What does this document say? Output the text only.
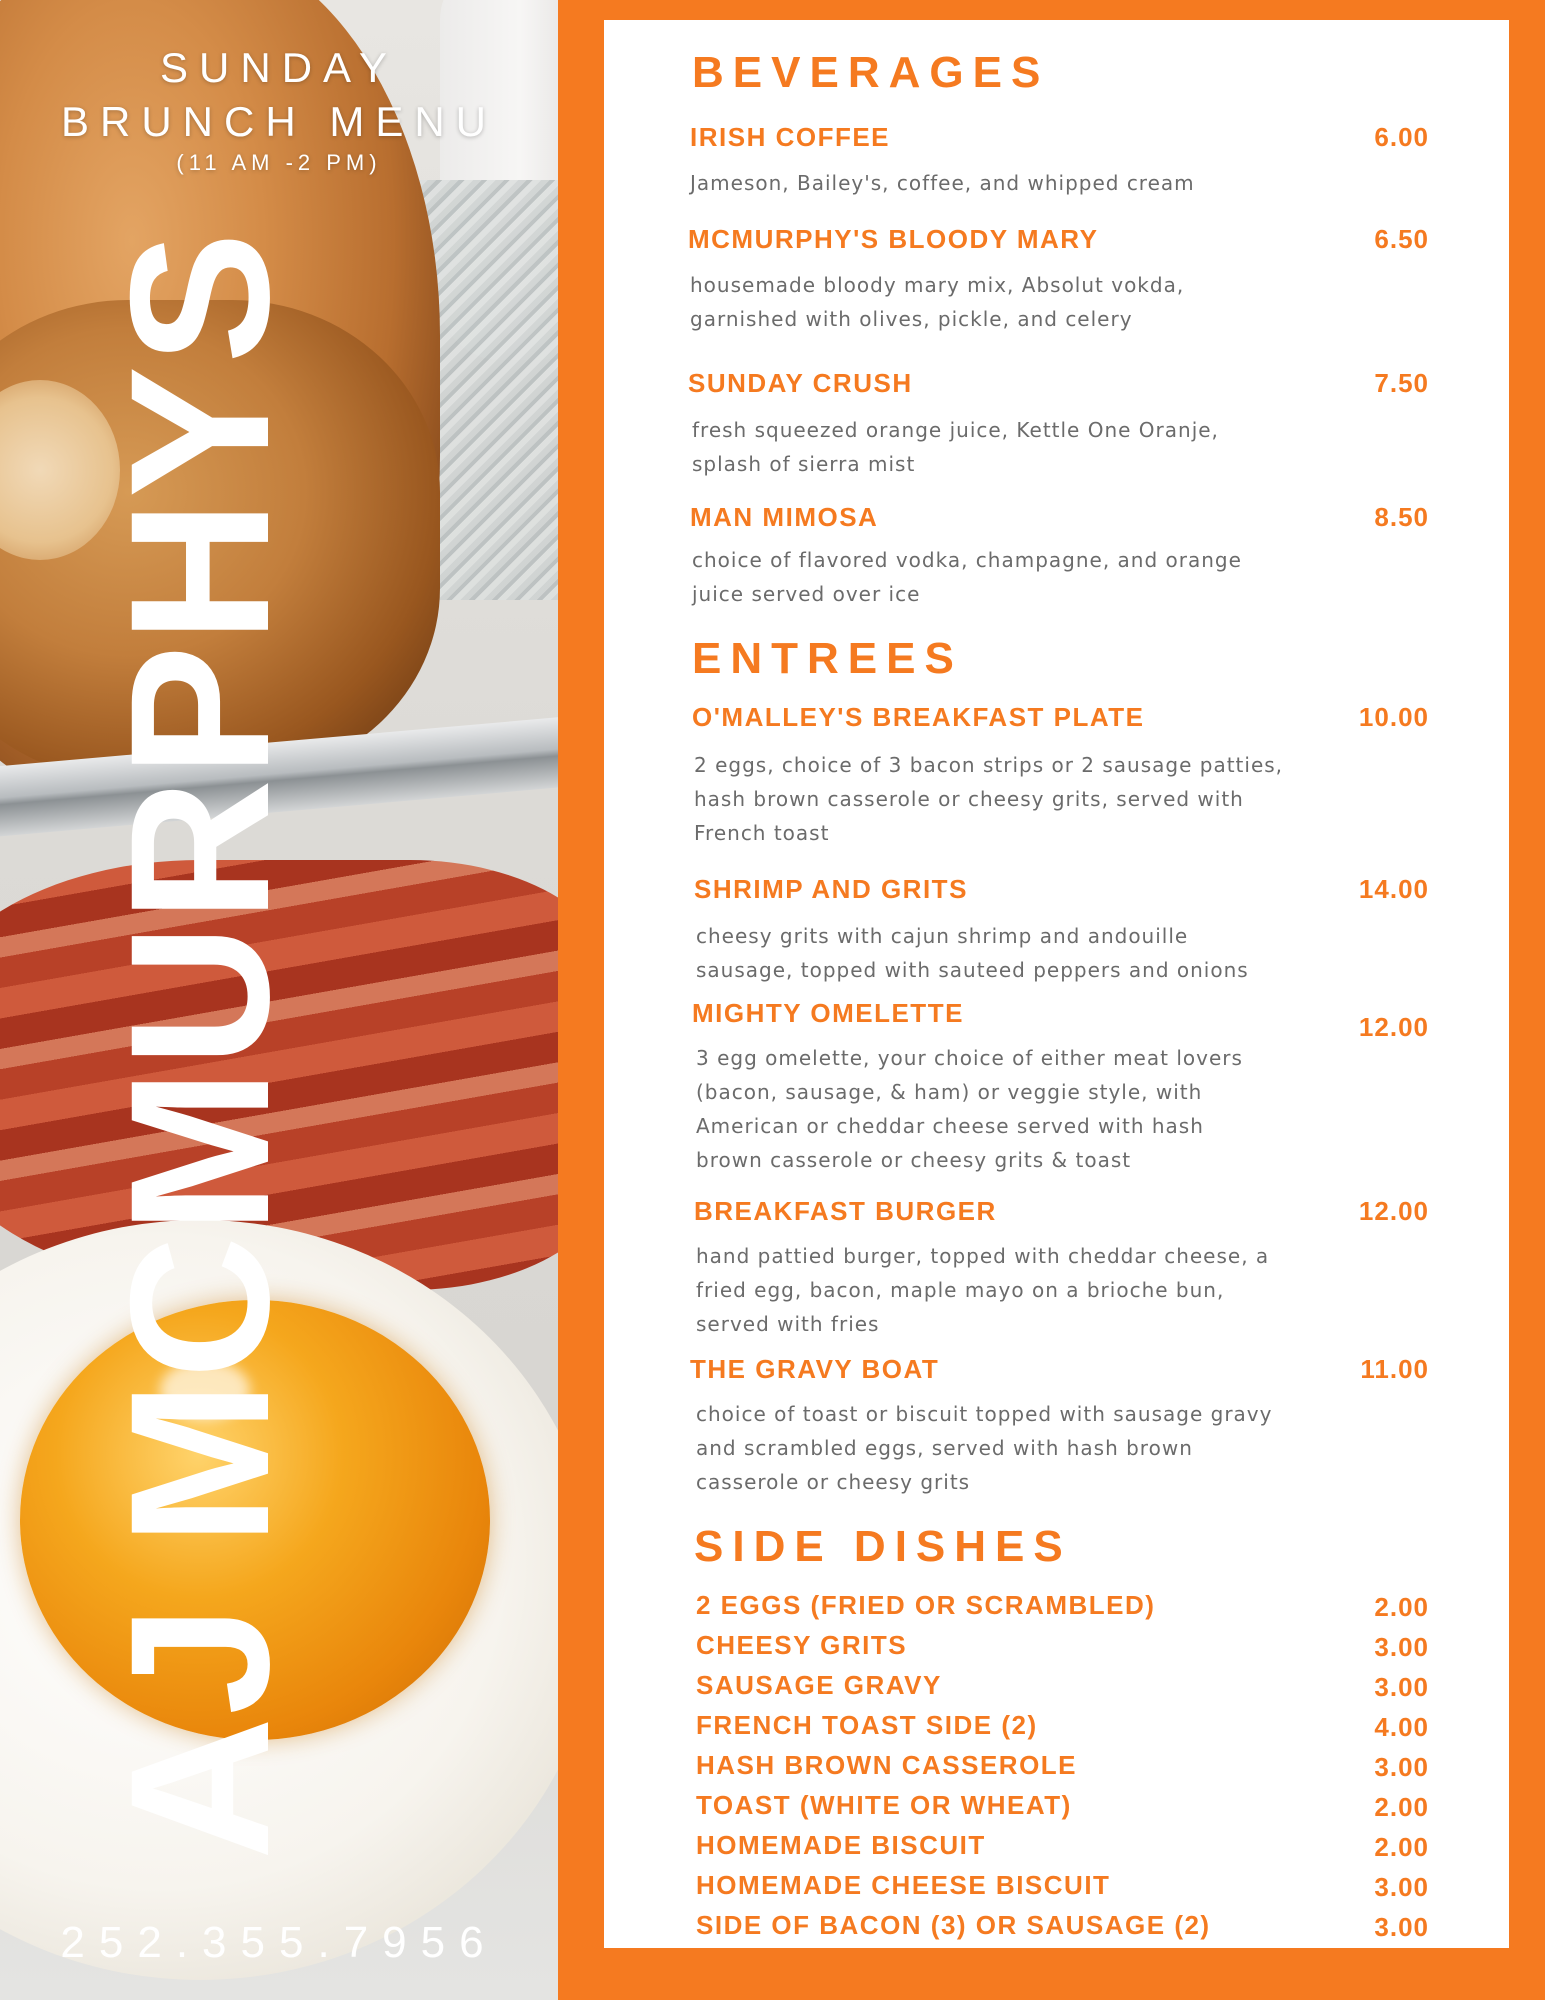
SUNDAY
BRUNCH MENU
(11 AM -2 PM)
AJ MCMURPHYS
252.355.7956
BEVERAGES
IRISH COFFEE	6.00
Jameson, Bailey's, coffee, and whipped cream
MCMURPHY'S BLOODY MARY	6.50
housemade bloody mary mix, Absolut vokda,
garnished with olives, pickle, and celery
SUNDAY CRUSH	7.50
fresh squeezed orange juice, Kettle One Oranje,
splash of sierra mist
MAN MIMOSA	8.50
choice of flavored vodka, champagne, and orange
juice served over ice
ENTREES
O'MALLEY'S BREAKFAST PLATE	10.00
2 eggs, choice of 3 bacon strips or 2 sausage patties,
hash brown casserole or cheesy grits, served with
French toast
SHRIMP AND GRITS	14.00
cheesy grits with cajun shrimp and andouille
sausage, topped with sauteed peppers and onions
MIGHTY OMELETTE	12.00
3 egg omelette, your choice of either meat lovers
(bacon, sausage, & ham) or veggie style, with
American or cheddar cheese served with hash
brown casserole or cheesy grits & toast
BREAKFAST BURGER	12.00
hand pattied burger, topped with cheddar cheese, a
fried egg, bacon, maple mayo on a brioche bun,
served with fries
THE GRAVY BOAT	11.00
choice of toast or biscuit topped with sausage gravy
and scrambled eggs, served with hash brown
casserole or cheesy grits
SIDE DISHES
2 EGGS (FRIED OR SCRAMBLED)	2.00
CHEESY GRITS	3.00
SAUSAGE GRAVY	3.00
FRENCH TOAST SIDE (2)	4.00
HASH BROWN CASSEROLE	3.00
TOAST (WHITE OR WHEAT)	2.00
HOMEMADE BISCUIT	2.00
HOMEMADE CHEESE BISCUIT	3.00
SIDE OF BACON (3) OR SAUSAGE (2)	3.00
